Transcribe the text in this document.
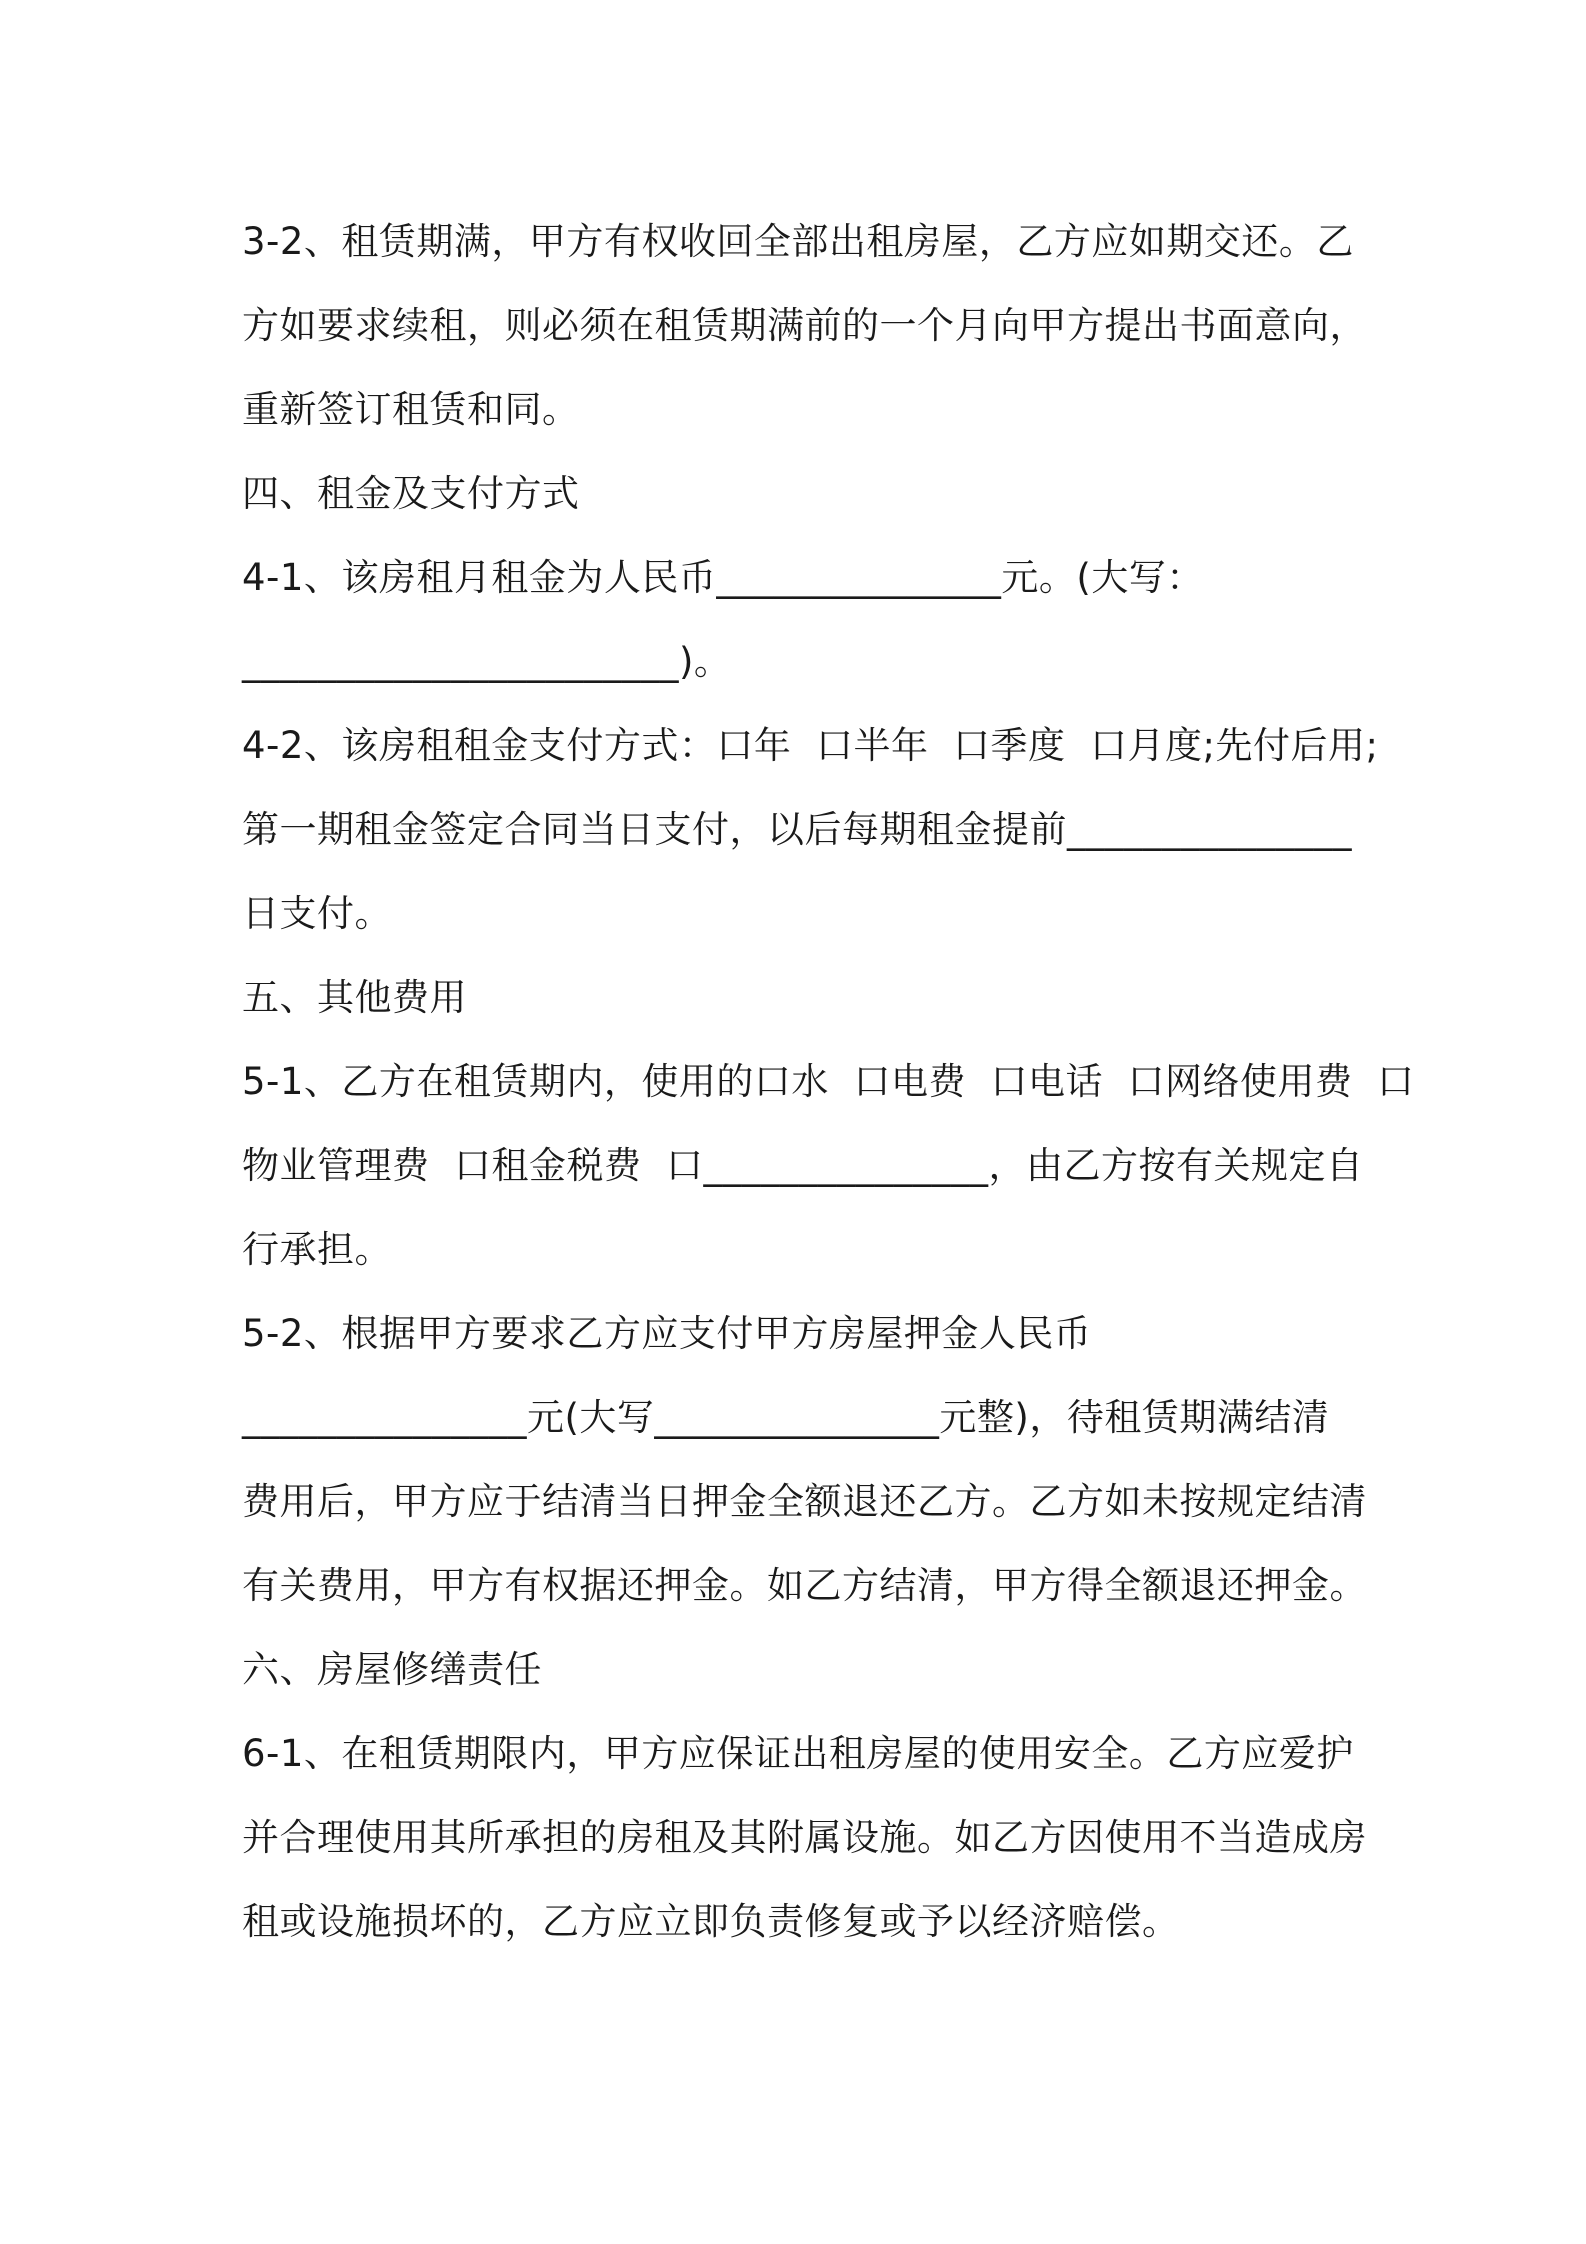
3-2、租赁期满，甲方有权收回全部出租房屋，乙方应如期交还。乙
方如要求续租，则必须在租赁期满前的一个月向甲方提出书面意向，
重新签订租赁和同。
四、租金及支付方式
4-1、该房租月租金为人民币_______________元。(大写：
_______________________)。
4-2、该房租租金支付方式：口年  口半年  口季度  口月度;先付后用;
第一期租金签定合同当日支付，以后每期租金提前_______________
日支付。
五、其他费用
5-1、乙方在租赁期内，使用的口水  口电费  口电话  口网络使用费  口
物业管理费  口租金税费  口_______________，由乙方按有关规定自
行承担。
5-2、根据甲方要求乙方应支付甲方房屋押金人民币
_______________元(大写_______________元整)，待租赁期满结清
费用后，甲方应于结清当日押金全额退还乙方。乙方如未按规定结清
有关费用，甲方有权据还押金。如乙方结清，甲方得全额退还押金。
六、房屋修缮责任
6-1、在租赁期限内，甲方应保证出租房屋的使用安全。乙方应爱护
并合理使用其所承担的房租及其附属设施。如乙方因使用不当造成房
租或设施损坏的，乙方应立即负责修复或予以经济赔偿。
